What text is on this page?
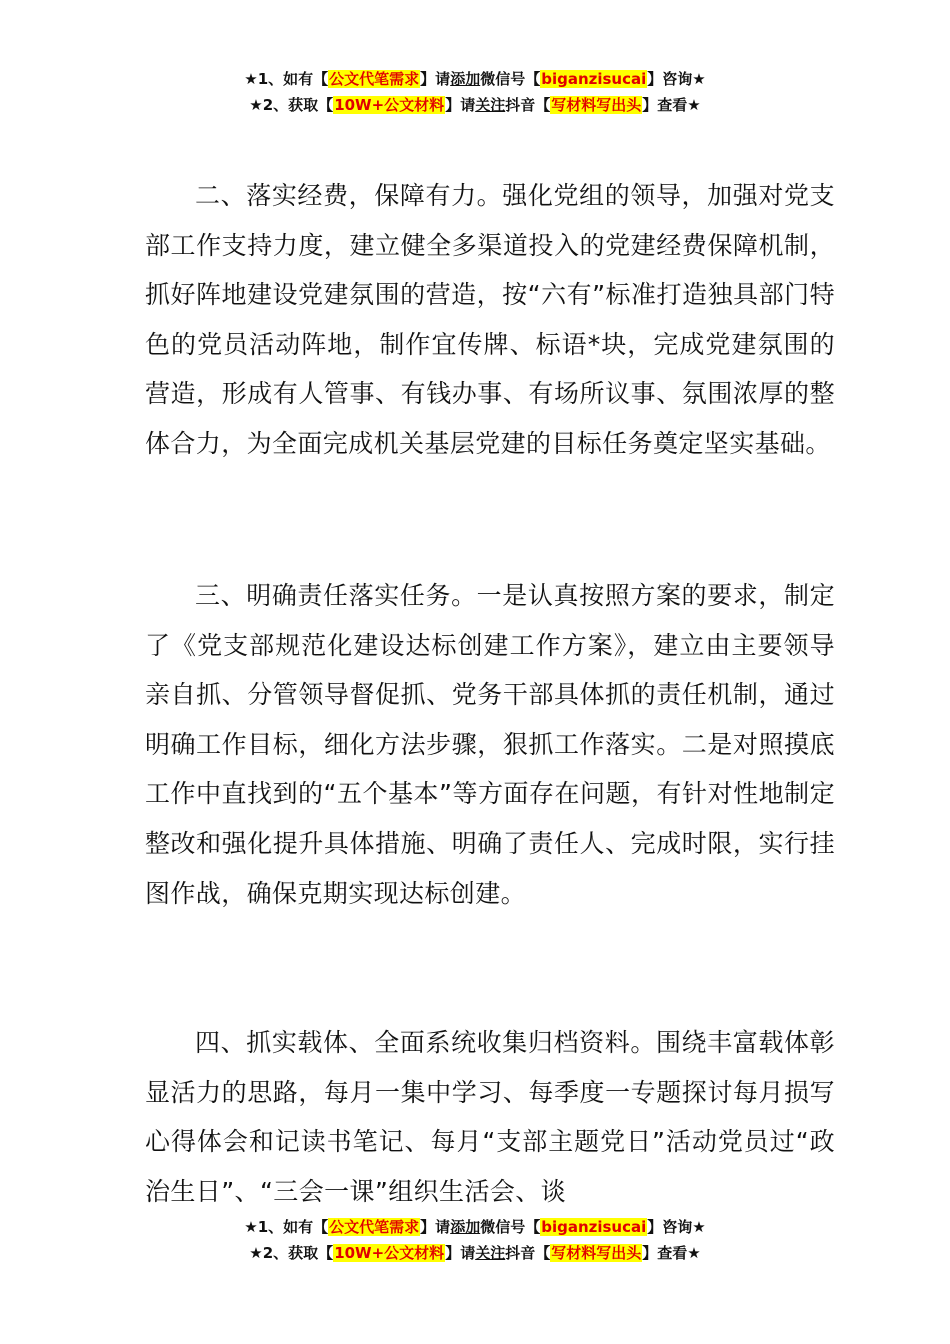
★1、如有【公文代笔需求】请添加微信号【biganzisucai】咨询★
★2、获取【10W+公文材料】请关注抖音【写材料写出头】查看★

二、落实经费，保障有力。强化党组的领导，加强对党支部工作支持力度，建立健全多渠道投入的党建经费保障机制，抓好阵地建设党建氛围的营造，按“六有”标准打造独具部门特色的党员活动阵地，制作宜传牌、标语*块，完成党建氛围的营造，形成有人管事、有钱办事、有场所议事、氛围浓厚的整体合力，为全面完成机关基层党建的目标任务奠定坚实基础。

三、明确责任落实任务。一是认真按照方案的要求，制定了《党支部规范化建设达标创建工作方案》，建立由主要领导亲自抓、分管领导督促抓、党务干部具体抓的责任机制，通过明确工作目标，细化方法步骤，狠抓工作落实。二是对照摸底工作中直找到的“五个基本”等方面存在问题，有针对性地制定整改和强化提升具体措施、明确了责任人、完成时限，实行挂图作战，确保克期实现达标创建。

四、抓实载体、全面系统收集归档资料。围绕丰富载体彰显活力的思路，每月一集中学习、每季度一专题探讨每月损写心得体会和记读书笔记、每月“支部主题党日”活动党员过“政治生日”、“三会一课”组织生活会、谈

★1、如有【公文代笔需求】请添加微信号【biganzisucai】咨询★
★2、获取【10W+公文材料】请关注抖音【写材料写出头】查看★
